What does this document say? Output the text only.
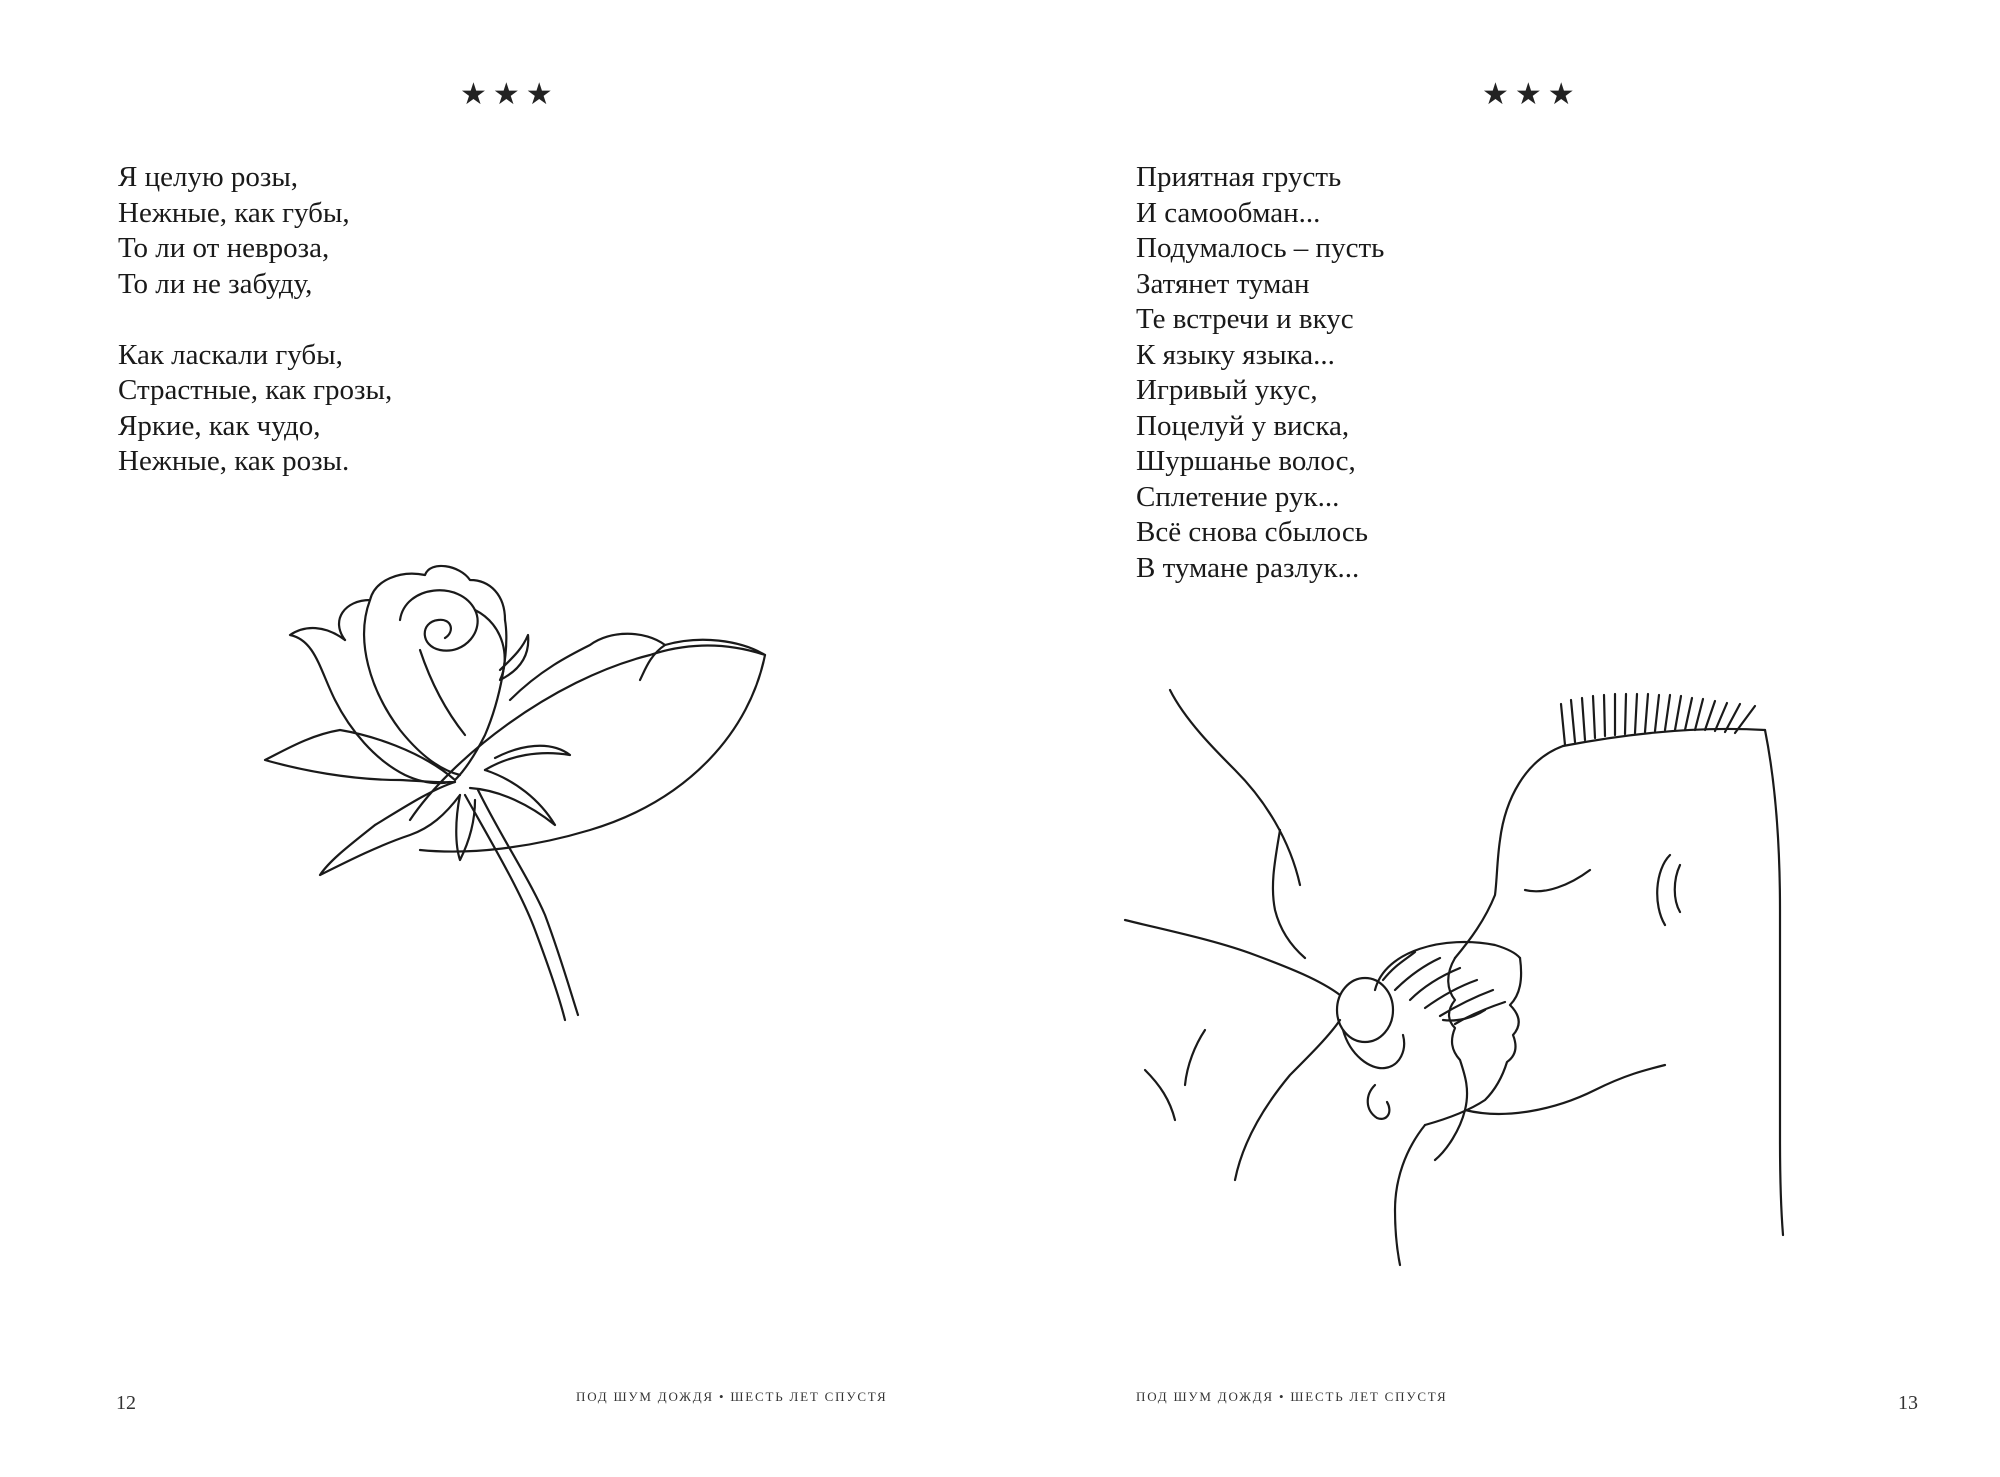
★★★
Я целую розы,
Нежные, как губы,
То ли от невроза,
То ли не забуду,
Как ласкали губы,
Страстные, как грозы,
Яркие, как чудо,
Нежные, как розы.
ПОД ШУМ ДОЖДЯ • ШЕСТЬ ЛЕТ СПУСТЯ
12
★★★
Приятная грусть
И самообман...
Подумалось – пусть
Затянет туман
Те встречи и вкус
К языку языка...
Игривый укус,
Поцелуй у виска,
Шуршанье волос,
Сплетение рук...
Всё снова сбылось
В тумане разлук...
ПОД ШУМ ДОЖДЯ • ШЕСТЬ ЛЕТ СПУСТЯ	13
